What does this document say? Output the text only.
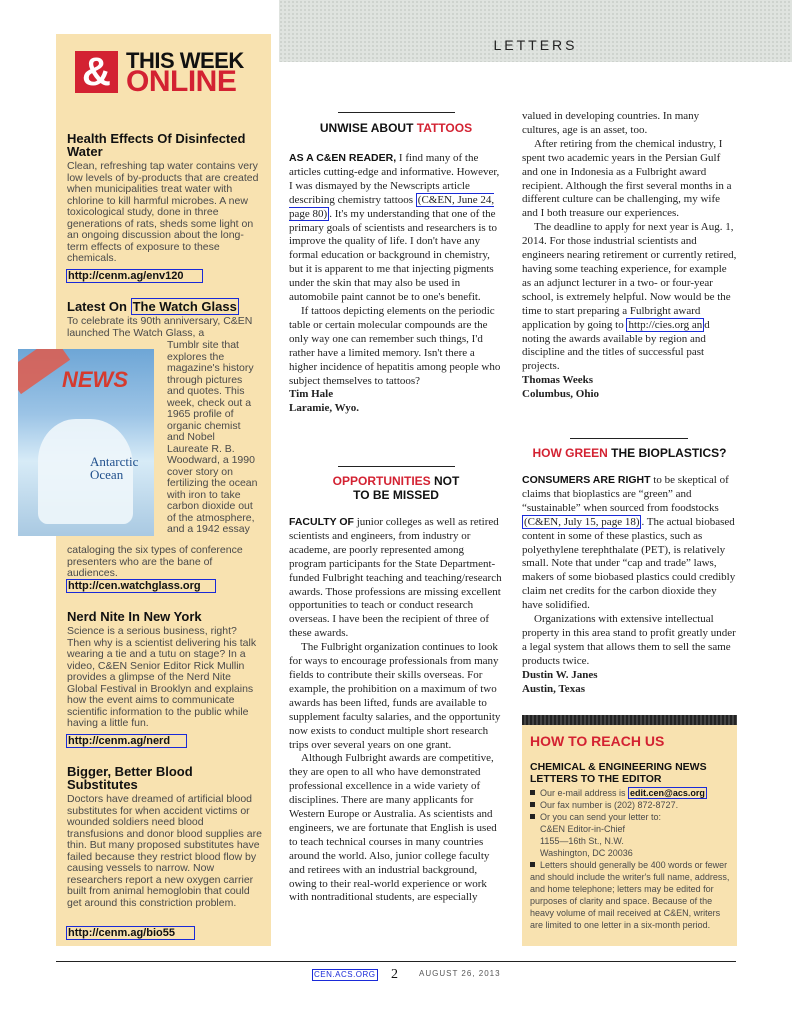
LETTERS
& THIS WEEK
ONLINE
Health Effects Of Disinfected Water
Clean, refreshing tap water contains very low levels of by-products that are created when municipalities treat water with chlorine to kill harmful microbes. A new toxicological study, done in three generations of rats, sheds some light on an ongoing discussion about the long-term effects of exposure to these chemicals.
http://cenm.ag/env120
Latest On The Watch Glass
To celebrate its 90th anniversary, C&EN launched The Watch Glass, a
Tumblr site that explores the magazine's history through pictures and quotes. This week, check out a 1965 profile of organic chemist and Nobel Laureate R. B. Woodward, a 1990 cover story on fertilizing the ocean with iron to take carbon dioxide out of the atmosphere, and a 1942 essay
NEWS
Antarctic Ocean
cataloging the six types of conference presenters who are the bane of audiences.
http://cen.watchglass.org
Nerd Nite In New York
Science is a serious business, right? Then why is a scientist delivering his talk wearing a tie and a tutu on stage? In a video, C&EN Senior Editor Rick Mullin provides a glimpse of the Nerd Nite Global Festival in Brooklyn and explains how the event aims to communicate scientific information to the public while having a little fun.
http://cenm.ag/nerd
Bigger, Better Blood Substitutes
Doctors have dreamed of artificial blood substitutes for when accident victims or wounded soldiers need blood transfusions and donor blood supplies are thin. But many proposed substitutes have failed because they restrict blood flow by causing vessels to narrow. Now researchers report a new oxygen carrier built from animal hemoglobin that could get around this constriction problem.
http://cenm.ag/bio55
UNWISE ABOUT TATTOOS

AS A C&EN READER, I find many of the articles cutting-edge and informative. However, I was dismayed by the Newscripts article describing chemistry tattoos (C&EN, June 24, page 80) . It's my understanding that one of the primary goals of scientists and researchers is to improve the quality of life. I don't have any formal education or background in chemistry, but it is apparent to me that injecting pigments under the skin that may also be used in automobile paint cannot be to one's benefit.

If tattoos depicting elements on the periodic table or certain molecular compounds are the only way one can remember such things, I'd rather have a limited memory. Isn't there a higher incidence of hepatitis among people who subject themselves to tattoos?

Tim Hale

Laramie, Wyo.

OPPORTUNITIES NOT
TO BE MISSED

FACULTY OF junior colleges as well as retired scientists and engineers, from industry or academe, are poorly represented among program participants for the State Department-funded Fulbright teaching and teaching/research awards. Those professions are missing excellent opportunities to teach or conduct research overseas. I have been the recipient of three of these awards.

The Fulbright organization continues to look for ways to encourage professionals from many fields to contribute their skills overseas. For example, the prohibition on a maximum of two awards has been lifted, funds are available to supplement faculty salaries, and the opportunity now exists to conduct multiple short research trips over several years on one grant.

Although Fulbright awards are competitive, they are open to all who have demonstrated professional excellence in a wide variety of disciplines. There are many applicants for Western Europe or Australia. As scientists and engineers, we are fortunate that English is used to teach technical courses in many countries around the world. Also, junior college faculty and retirees with an industrial background, owing to their real-world experience or work with nontraditional students, are especially

valued in developing countries. In many cultures, age is an asset, too.

After retiring from the chemical industry, I spent two academic years in the Persian Gulf and one in Indonesia as a Fulbright award recipient. Although the first several months in a different culture can be challenging, my wife and I both treasure our experiences.

The deadline to apply for next year is Aug. 1, 2014. For those industrial scientists and engineers nearing retirement or currently retired, having some teaching experience, for example as an adjunct lecturer in a two- or four-year school, is extremely helpful. Now would be the time to start preparing a Fulbright award application by going to http://cies.org an d noting the awards available by region and discipline and the titles of successful past projects.

Thomas Weeks

Columbus, Ohio

HOW GREEN THE BIOPLASTICS?

CONSUMERS ARE RIGHT to be skeptical of claims that bioplastics are “green” and “sustainable” when sourced from foodstocks (C&EN, July 15, page 18) . The actual biobased content in some of these plastics, such as polyethylene terephthalate (PET), is relatively small. Note that under “cap and trade” laws, makers of some biobased plastics could credibly claim net credits for the carbon dioxide they have solidified.

Organizations with extensive intellectual property in this area stand to profit greatly under a legal system that allows them to sell the same products twice.

Dustin W. Janes

Austin, Texas

HOW TO REACH US
CHEMICAL & ENGINEERING NEWS LETTERS TO THE EDITOR
Our e-mail address is edit.cen@acs.org
Our fax number is (202) 872-8727.
Or you can send your letter to:
C&EN Editor-in-Chief
1155—16th St., N.W.
Washington, DC 20036
Letters should generally be 400 words or fewer and should include the writer's full name, address, and home telephone; letters may be edited for purposes of clarity and space. Because of the heavy volume of mail received at C&EN, writers are limited to one letter in a six-month period.
CEN.ACS.ORG 2	AUGUST 26, 2013
